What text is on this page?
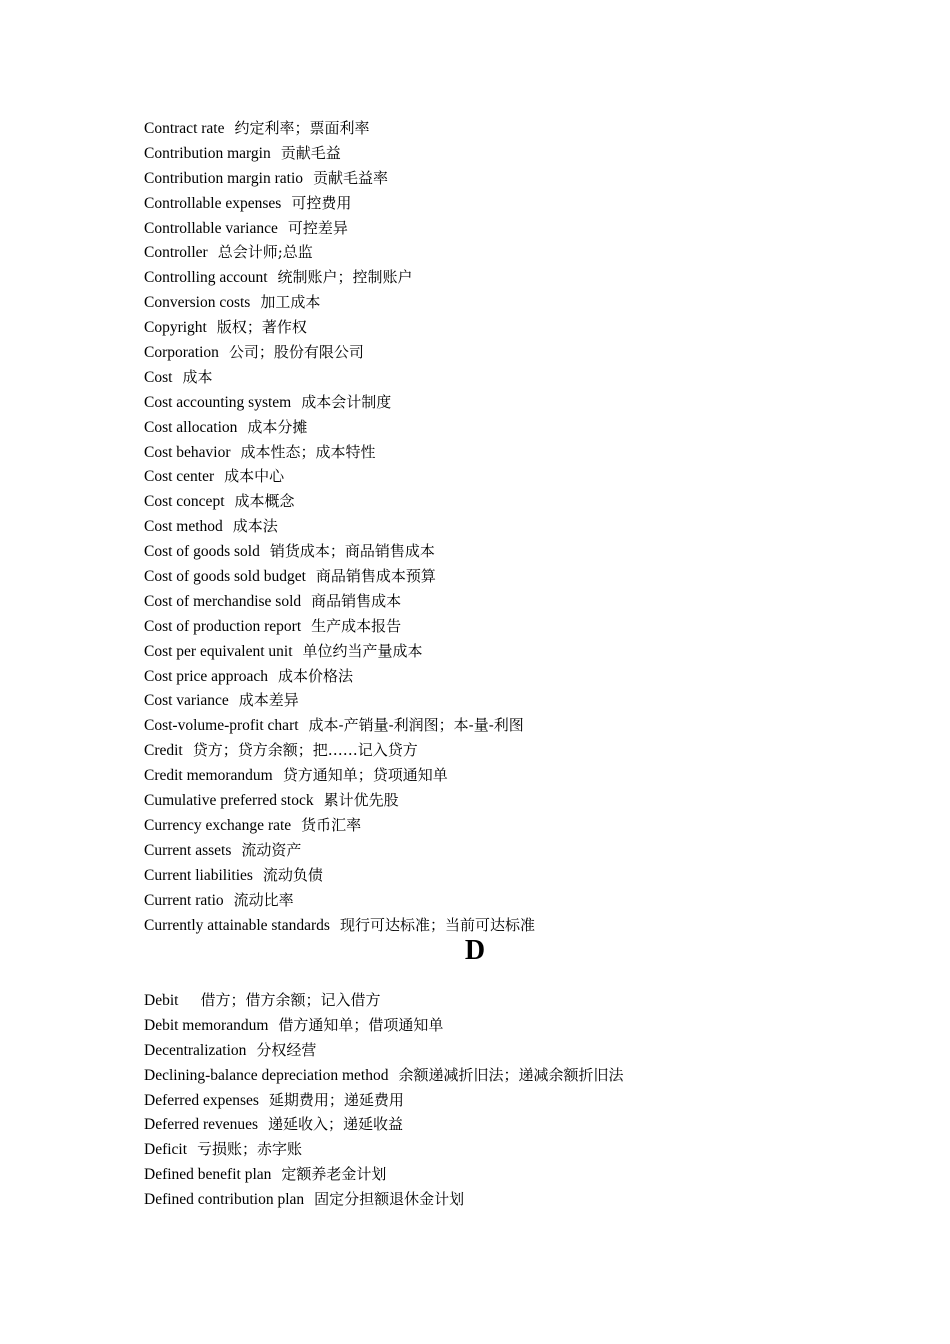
Contract rate 约定利率；票面利率
Contribution margin 贡献毛益
Contribution margin ratio 贡献毛益率
Controllable expenses 可控费用
Controllable variance 可控差异
Controller 总会计师;总监
Controlling account 统制账户；控制账户
Conversion costs 加工成本
Copyright 版权；著作权
Corporation 公司；股份有限公司
Cost 成本
Cost accounting system 成本会计制度
Cost allocation 成本分摊
Cost behavior 成本性态；成本特性
Cost center 成本中心
Cost concept 成本概念
Cost method 成本法
Cost of goods sold 销货成本；商品销售成本
Cost of goods sold budget 商品销售成本预算
Cost of merchandise sold 商品销售成本
Cost of production report 生产成本报告
Cost per equivalent unit 单位约当产量成本
Cost price approach 成本价格法
Cost variance 成本差异
Cost-volume-profit chart 成本-产销量-利润图；本-量-利图
Credit 贷方；贷方余额；把……记入贷方
Credit memorandum 贷方通知单；贷项通知单
Cumulative preferred stock 累计优先股
Currency exchange rate 货币汇率
Current assets 流动资产
Current liabilities 流动负债
Current ratio 流动比率
Currently attainable standards 现行可达标准；当前可达标准
D
Debit 借方；借方余额；记入借方
Debit memorandum 借方通知单；借项通知单
Decentralization 分权经营
Declining-balance depreciation method 余额递减折旧法；递减余额折旧法
Deferred expenses 延期费用；递延费用
Deferred revenues 递延收入；递延收益
Deficit 亏损账；赤字账
Defined benefit plan 定额养老金计划
Defined contribution plan 固定分担额退休金计划
